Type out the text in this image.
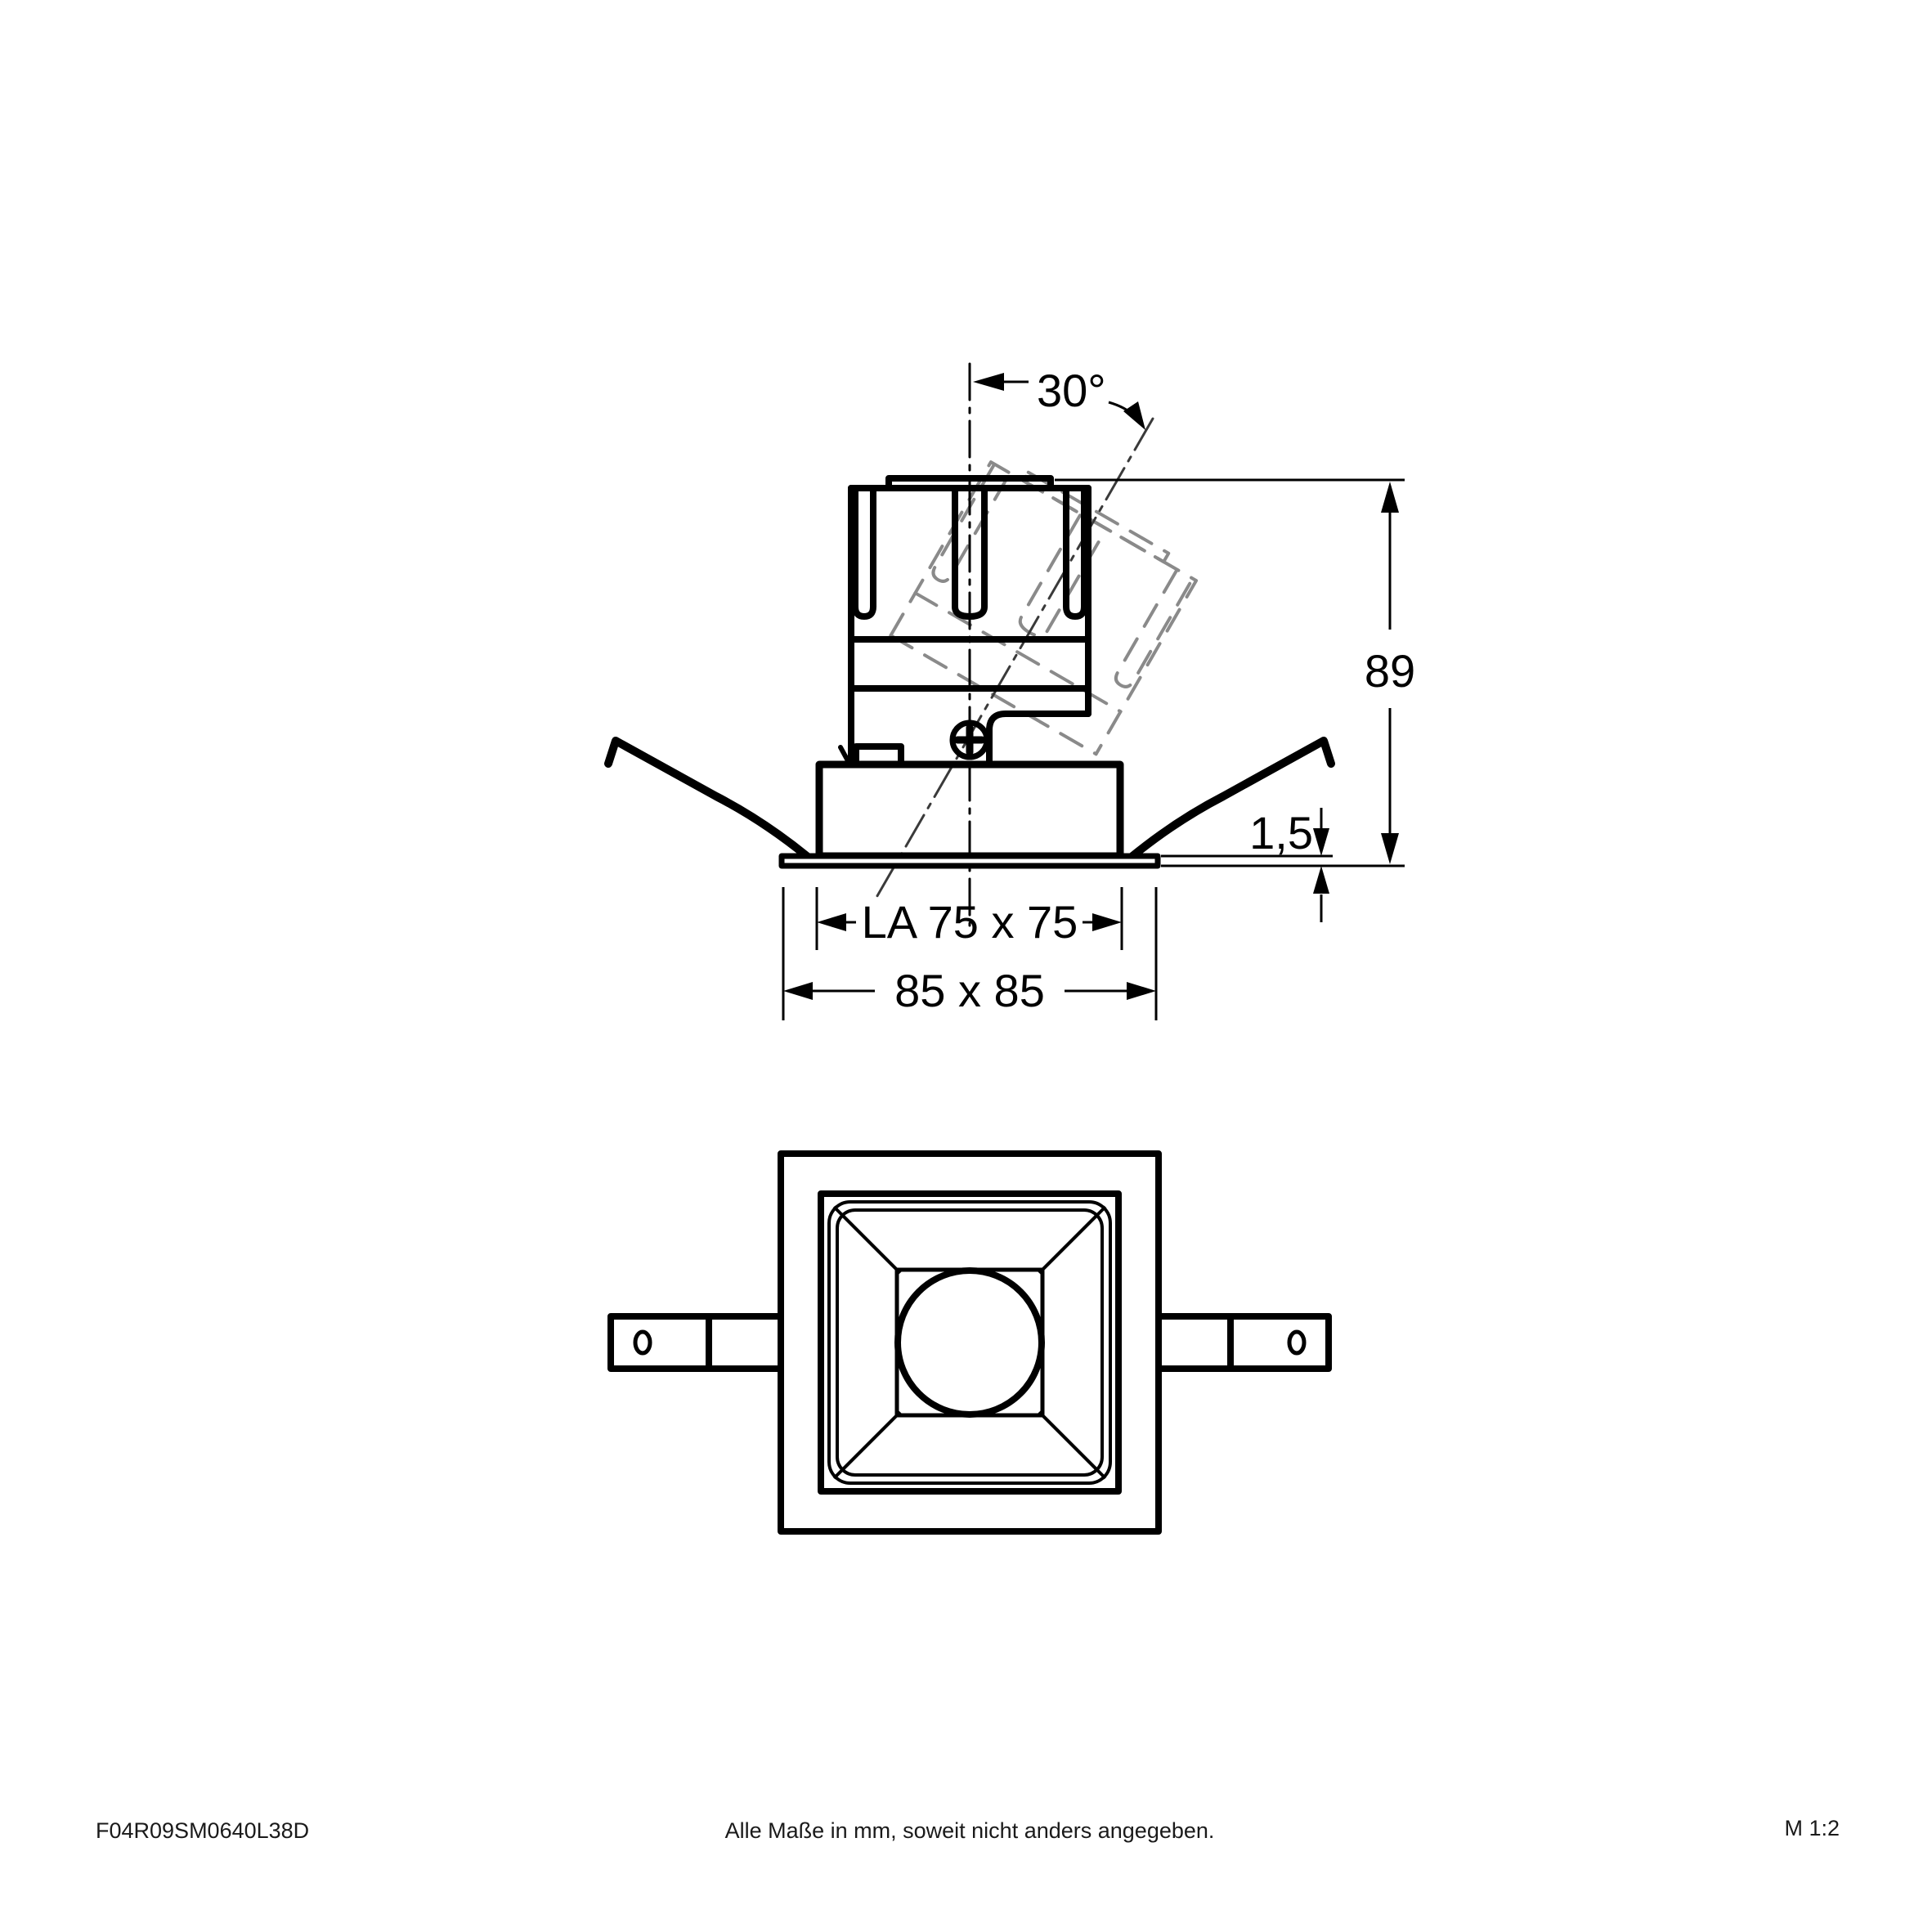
30°
89
1,5
LA 75 x 75
85 x 85
F04R09SM0640L38D	Alle Maße in mm, soweit nicht anders angegeben.	M 1:2
